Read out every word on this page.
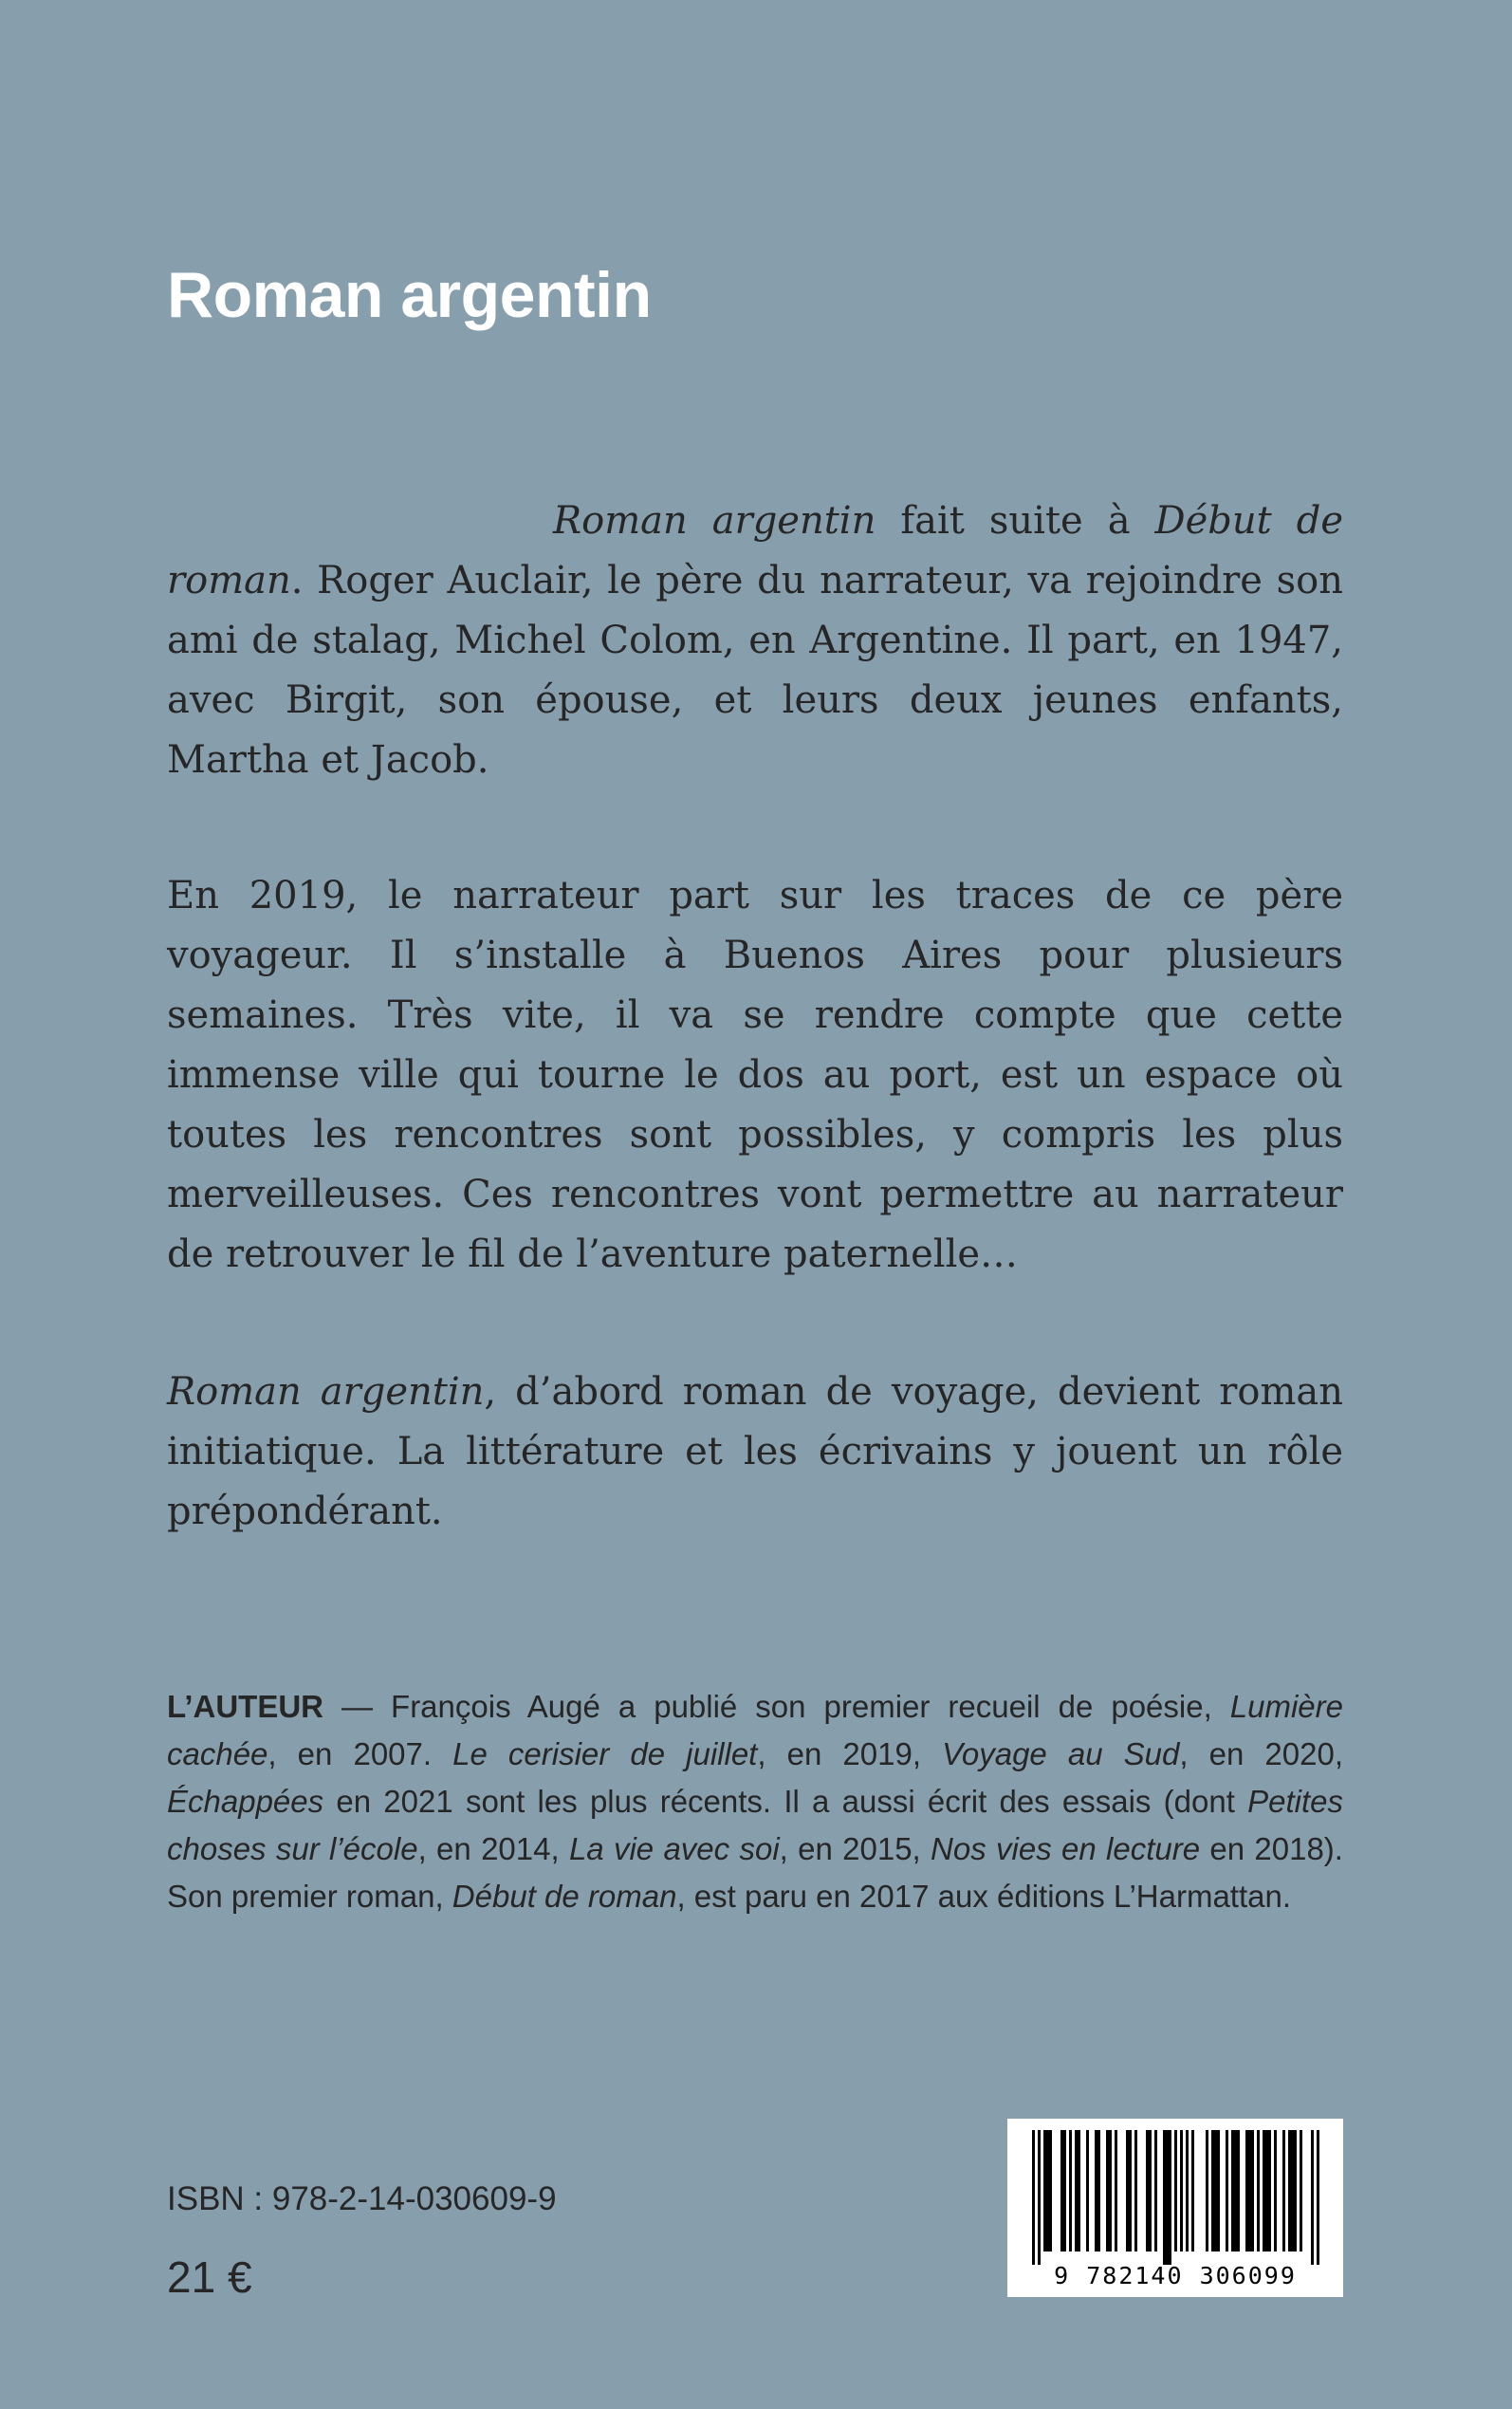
Roman argentin

Roman argentin fait suite à Début de roman. Roger Auclair, le père du narrateur, va rejoindre son ami de stalag, Michel Colom, en Argentine. Il part, en 1947, avec Birgit, son épouse, et leurs deux jeunes enfants, Martha et Jacob.

En 2019, le narrateur part sur les traces de ce père voyageur. Il s’installe à Buenos Aires pour plusieurs semaines. Très vite, il va se rendre compte que cette immense ville qui tourne le dos au port, est un espace où toutes les rencontres sont possibles, y compris les plus merveilleuses. Ces rencontres vont permettre au narrateur de retrouver le fil de l’aventure paternelle…

Roman argentin, d’abord roman de voyage, devient roman initiatique. La littérature et les écrivains y jouent un rôle prépondérant.

L’AUTEUR — François Augé a publié son premier recueil de poésie, Lumière cachée, en 2007. Le cerisier de juillet, en 2019, Voyage au Sud, en 2020, Échappées en 2021 sont les plus récents. Il a aussi écrit des essais (dont Petites choses sur l’école, en 2014, La vie avec soi, en 2015, Nos vies en lecture en 2018). Son premier roman, Début de roman, est paru en 2017 aux éditions L’Harmattan.

ISBN : 978-2-14-030609-9

21 €	9 782140 306099
